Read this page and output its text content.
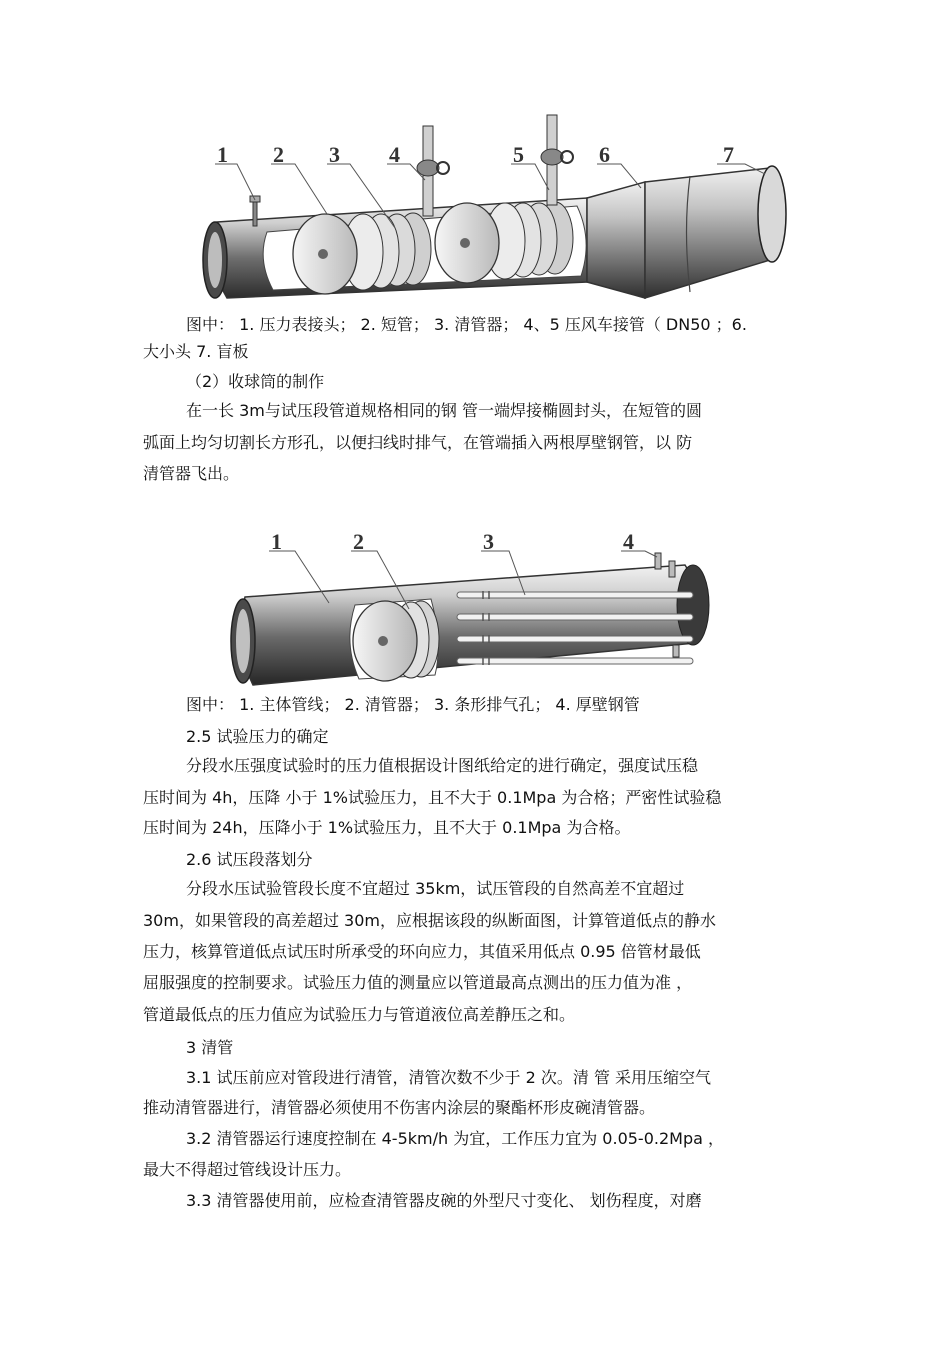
1 2 3 4	5	6	7
图中： 1. 压力表接头； 2. 短管； 3. 清管器； 4、5 压风车接管（ DN50 ；6.
大小头 7. 盲板
（2）收球筒的制作
在一长 3m与试压段管道规格相同的钢 管一端焊接椭圆封头，在短管的圆
弧面上均匀切割长方形孔，以便扫线时排气，在管端插入两根厚壁钢管，以 防
清管器飞出。
1	2	3	4
图中： 1. 主体管线； 2. 清管器； 3. 条形排气孔； 4. 厚壁钢管
2.5 试验压力的确定
分段水压强度试验时的压力值根据设计图纸给定的进行确定，强度试压稳
压时间为 4h，压降 小于 1%试验压力，且不大于 0.1Mpa 为合格；严密性试验稳
压时间为 24h，压降小于 1%试验压力，且不大于 0.1Mpa 为合格。
2.6 试压段落划分
分段水压试验管段长度不宜超过 35km，试压管段的自然高差不宜超过
30m，如果管段的高差超过 30m，应根据该段的纵断面图，计算管道低点的静水
压力，核算管道低点试压时所承受的环向应力，其值采用低点 0.95 倍管材最低
屈服强度的控制要求。试验压力值的测量应以管道最高点测出的压力值为准 ，
管道最低点的压力值应为试验压力与管道液位高差静压之和。
3 清管
3.1 试压前应对管段进行清管，清管次数不少于 2 次。清 管 采用压缩空气
推动清管器进行，清管器必须使用不伤害内涂层的聚酯杯形皮碗清管器。
3.2 清管器运行速度控制在 4-5km/h 为宜，工作压力宜为 0.05-0.2Mpa ，
最大不得超过管线设计压力。
3.3 清管器使用前，应检查清管器皮碗的外型尺寸变化、 划伤程度，对磨
